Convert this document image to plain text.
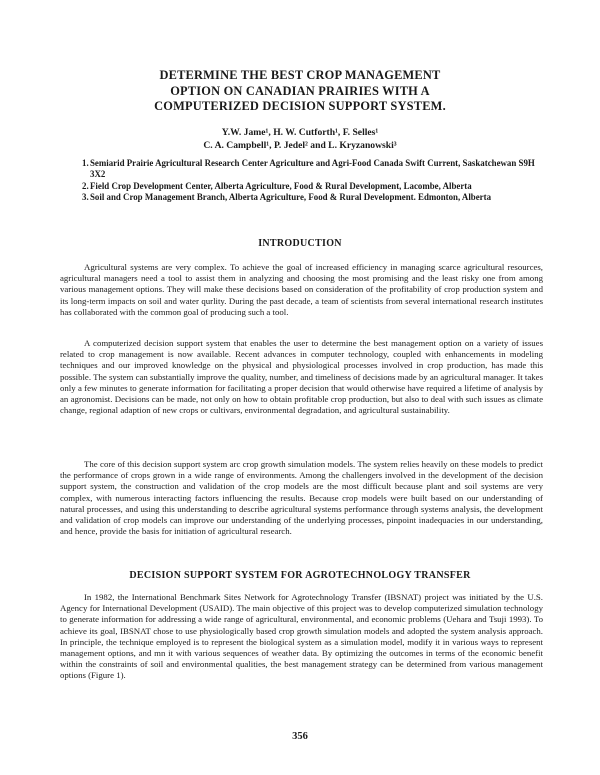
DETERMINE THE BEST CROP MANAGEMENT
OPTION ON CANADIAN PRAIRIES WITH A
COMPUTERIZED DECISION SUPPORT SYSTEM.
Y.W. Jame¹, H. W. Cutforth¹, F. Selles¹
C. A. Campbell¹, P. Jedel² and L. Kryzanowski³
1. Semiarid Prairie Agricultural Research Center Agriculture and Agri-Food Canada Swift Current, Saskatchewan S9H 3X2
2. Field Crop Development Center, Alberta Agriculture, Food & Rural Development, Lacombe, Alberta
3. Soil and Crop Management Branch, Alberta Agriculture, Food & Rural Development. Edmonton, Alberta
INTRODUCTION

Agricultural systems are very complex. To achieve the goal of increased efficiency in managing scarce agricultural resources, agricultural managers need a tool to assist them in analyzing and choosing the most promising and the least risky one from among various management options. They will make these decisions based on consideration of the profitability of crop production system and its long-term impacts on soil and water qurlity. During the past decade, a team of scientists from several international research institutes has collaborated with the common goal of producing such a tool.

A computerized decision support system that enables the user to determine the best management option on a variety of issues related to crop management is now available. Recent advances in computer technology, coupled with enhancements in modeling techniques and our improved knowledge on the physical and physiological processes involved in crop production, has made this possible. The system can substantially improve the quality, number, and timeliness of decisions made by an agricultural manager. It takes only a few minutes to generate information for facilitating a proper decision that would otherwise have required a lifetime of analysis by an agronomist. Decisions can be made, not only on how to obtain profitable crop production, but also to deal with such issues as climate change, regional adaption of new crops or cultivars, environmental degradation, and agricultural sustainability.

The core of this decision support system arc crop growth simulation models. The system relies heavily on these models to predict the performance of crops grown in a wide range of environments. Among the challengers involved in the development of the decision support system, the construction and validation of the crop models are the most difficult because plant and soil systems are very complex, with numerous interacting factors influencing the results. Because crop models were built based on our understanding of natural processes, and using this understanding to describe agricultural systems performance through systems analysis, the development and validation of crop models can improve our understanding of the underlying processes, pinpoint inadequacies in our understanding, and hence, provide the basis for initiation of agricultural research.

DECISION SUPPORT SYSTEM FOR AGROTECHNOLOGY TRANSFER

In 1982, the International Benchmark Sites Network for Agrotechnology Transfer (IBSNAT) project was initiated by the U.S. Agency for International Development (USAID). The main objective of this project was to develop computerized simulation technology to generate information for addressing a wide range of agricultural, environmental, and economic problems (Uehara and Tsuji 1993). To achieve its goal, IBSNAT chose to use physiologically based crop growth simulation models and adopted the system analysis approach. In principle, the technique employed is to represent the biological system as a simulation model, modify it in various ways to represent management options, and mn it with various sequences of weather data. By optimizing the outcomes in terms of the economic benefit within the constraints of soil and environmental qualities, the best management strategy can be determined from various management options (Figure 1).

356
